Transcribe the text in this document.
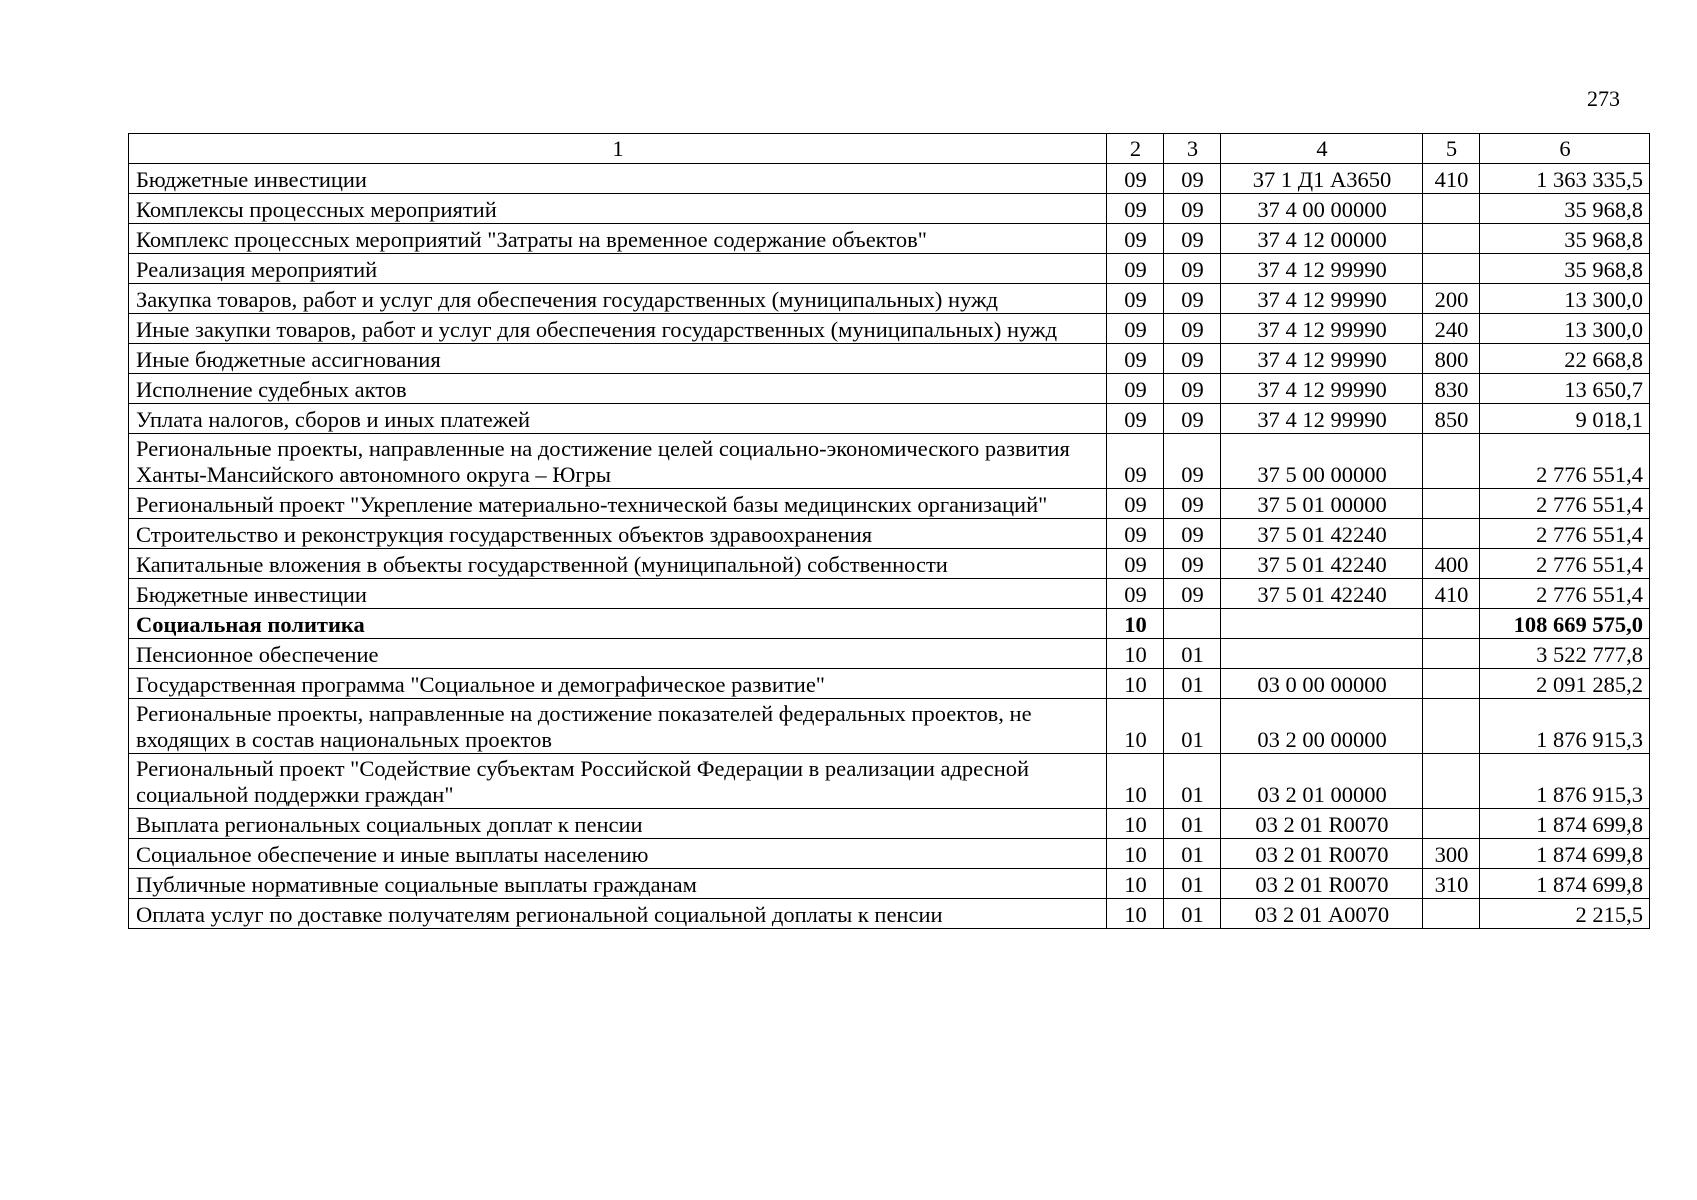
273
1	2	3	4	5	6
Бюджетные инвестиции	09	09	37 1 Д1 А3650	410	1 363 335,5
Комплексы процессных мероприятий	09	09	37 4 00 00000		35 968,8
Комплекс процессных мероприятий "Затраты на временное содержание объектов"	09	09	37 4 12 00000		35 968,8
Реализация мероприятий	09	09	37 4 12 99990		35 968,8
Закупка товаров, работ и услуг для обеспечения государственных (муниципальных) нужд	09	09	37 4 12 99990	200	13 300,0
Иные закупки товаров, работ и услуг для обеспечения государственных (муниципальных) нужд	09	09	37 4 12 99990	240	13 300,0
Иные бюджетные ассигнования	09	09	37 4 12 99990	800	22 668,8
Исполнение судебных актов	09	09	37 4 12 99990	830	13 650,7
Уплата налогов, сборов и иных платежей	09	09	37 4 12 99990	850	9 018,1
Региональные проекты, направленные на достижение целей социально-экономического развития Ханты-Мансийского автономного округа – Югры	09	09	37 5 00 00000		2 776 551,4
Региональный проект "Укрепление материально-технической базы медицинских организаций"	09	09	37 5 01 00000		2 776 551,4
Строительство и реконструкция государственных объектов здравоохранения	09	09	37 5 01 42240		2 776 551,4
Капитальные вложения в объекты государственной (муниципальной) собственности	09	09	37 5 01 42240	400	2 776 551,4
Бюджетные инвестиции	09	09	37 5 01 42240	410	2 776 551,4
Социальная политика	10				108 669 575,0
Пенсионное обеспечение	10	01			3 522 777,8
Государственная программа "Социальное и демографическое развитие"	10	01	03 0 00 00000		2 091 285,2
Региональные проекты, направленные на достижение показателей федеральных проектов, не входящих в состав национальных проектов	10	01	03 2 00 00000		1 876 915,3
Региональный проект "Содействие субъектам Российской Федерации в реализации адресной социальной поддержки граждан"	10	01	03 2 01 00000		1 876 915,3
Выплата региональных социальных доплат к пенсии	10	01	03 2 01 R0070		1 874 699,8
Социальное обеспечение и иные выплаты населению	10	01	03 2 01 R0070	300	1 874 699,8
Публичные нормативные социальные выплаты гражданам	10	01	03 2 01 R0070	310	1 874 699,8
Оплата услуг по доставке получателям региональной социальной доплаты к пенсии	10	01	03 2 01 А0070		2 215,5
